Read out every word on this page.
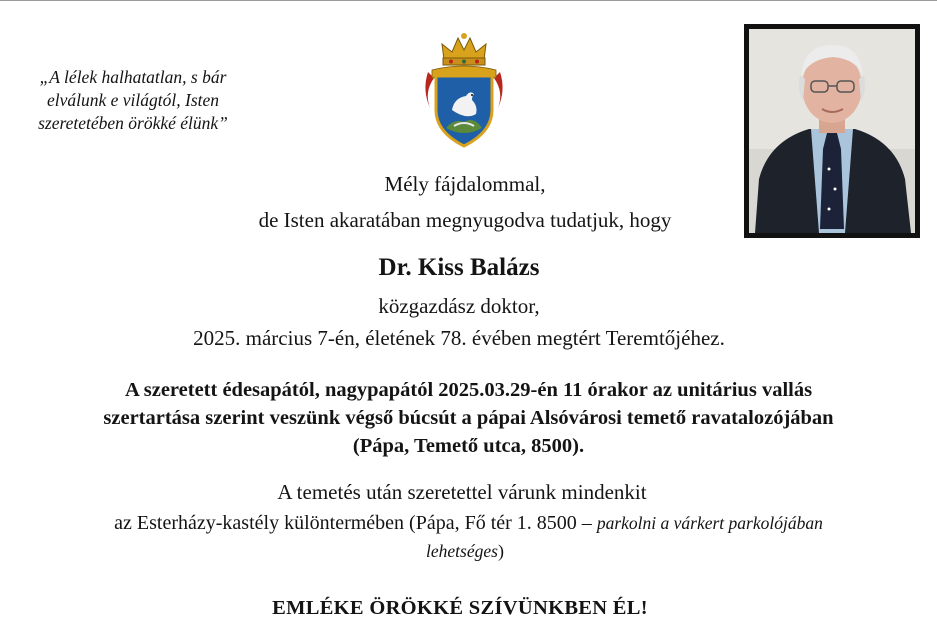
„A lélek halhatatlan, s bár
elválunk e világtól, Isten
szeretetében örökké élünk”
Mély fájdalommal,
de Isten akaratában megnyugodva tudatjuk, hogy
Dr. Kiss Balázs
közgazdász doktor,
2025. március 7-én, életének 78. évében megtért Teremtőjéhez.
A szeretett édesapától, nagypapától 2025.03.29-én 11 órakor az unitárius vallás
szertartása szerint veszünk végső búcsút a pápai Alsóvárosi temető ravatalozójában
(Pápa, Temető utca, 8500).
A temetés után szeretettel várunk mindenkit
az Esterházy-kastély különtermében (Pápa, Fő tér 1. 8500 – parkolni a várkert parkolójában
lehetséges)
EMLÉKE ÖRÖKKÉ SZÍVÜNKBEN ÉL!
